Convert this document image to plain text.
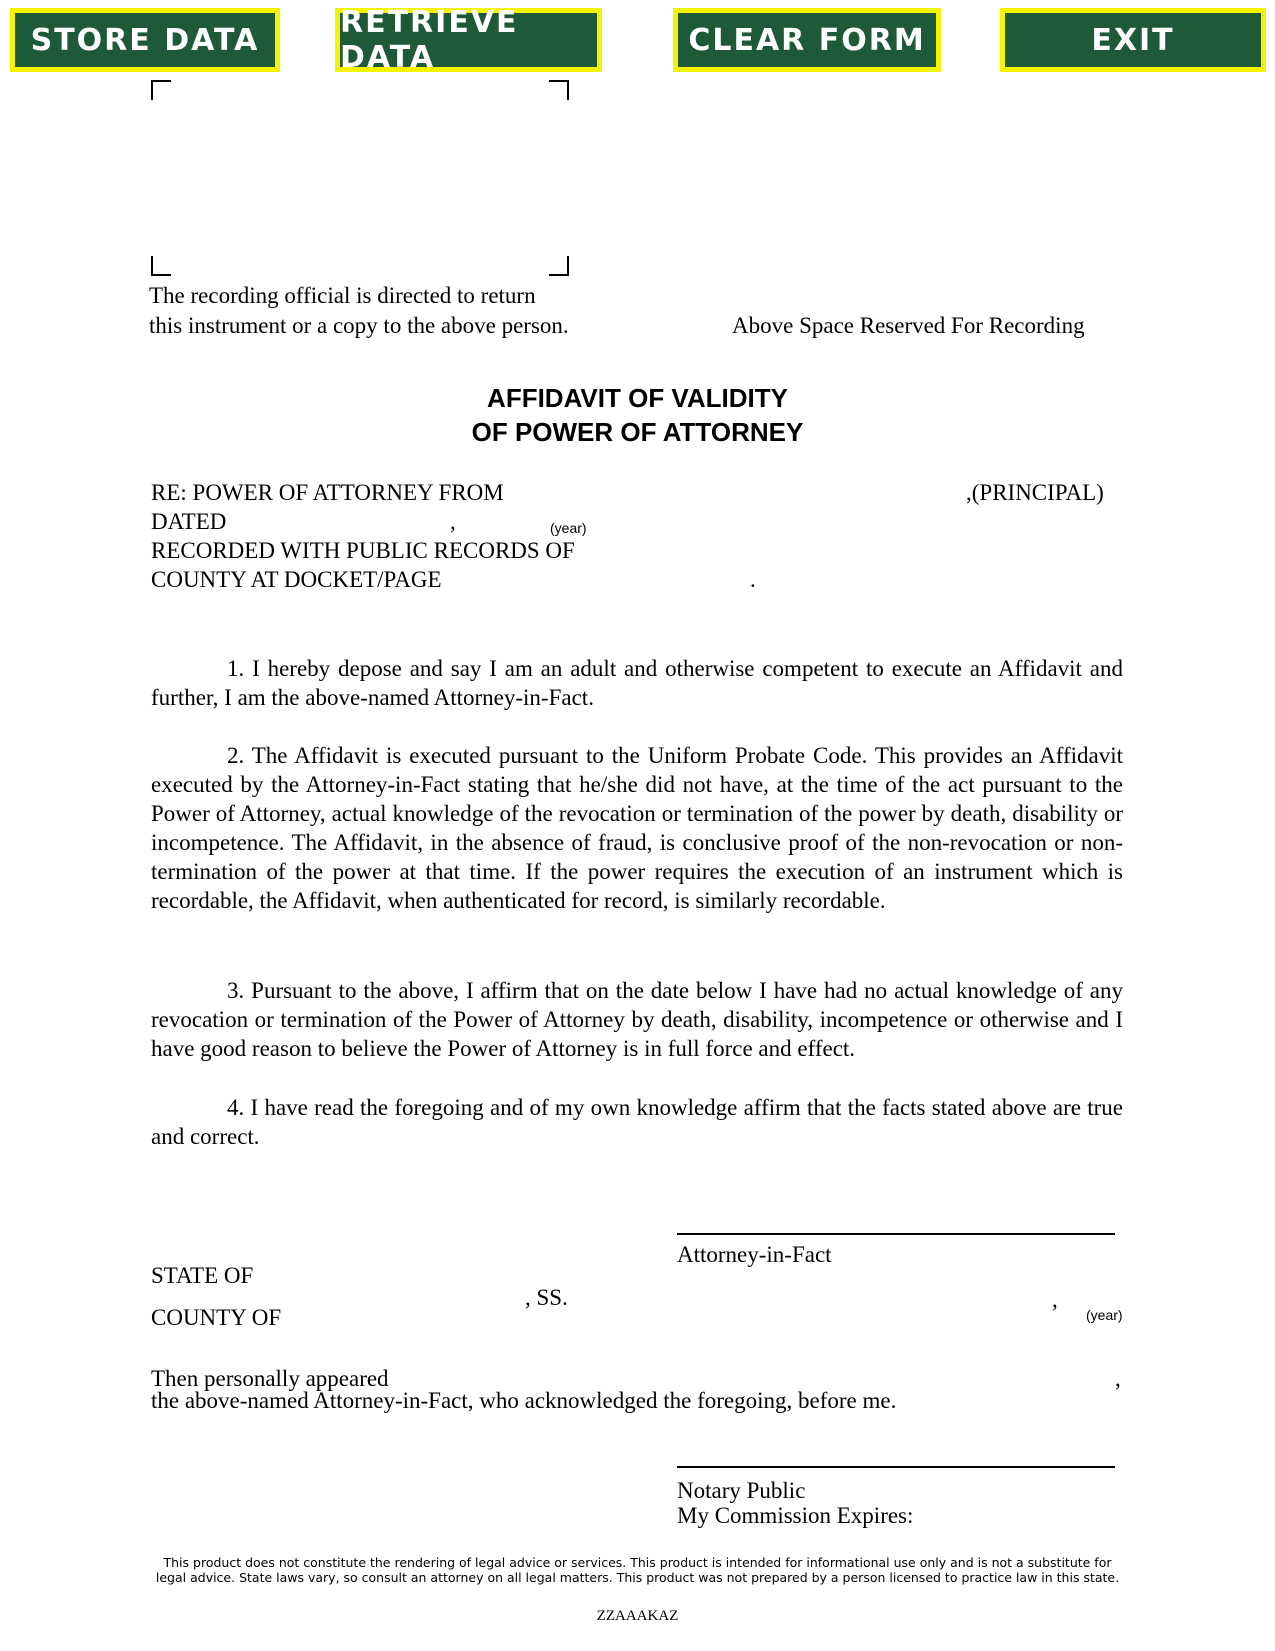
STORE DATA	RETRIEVE DATA	CLEAR FORM	EXIT
The recording official is directed to return
this instrument or a copy to the above person.	Above Space Reserved For Recording
AFFIDAVIT OF VALIDITY
OF POWER OF ATTORNEY
RE: POWER OF ATTORNEY FROM	,(PRINCIPAL)
DATED	,	(year)
RECORDED WITH PUBLIC RECORDS OF
COUNTY AT DOCKET/PAGE	.
1. I hereby depose and say I am an adult and otherwise competent to execute an Affidavit and further, I am the above-named Attorney-in-Fact.
2. The Affidavit is executed pursuant to the Uniform Probate Code. This provides an Affidavit executed by the Attorney-in-Fact stating that he/she did not have, at the time of the act pursuant to the Power of Attorney, actual knowledge of the revocation or termination of the power by death, disability or incompetence. The Affidavit, in the absence of fraud, is conclusive proof of the non-revocation or non-termination of the power at that time. If the power requires the execution of an instrument which is recordable, the Affidavit, when authenticated for record, is similarly recordable.
3. Pursuant to the above, I affirm that on the date below I have had no actual knowledge of any revocation or termination of the Power of Attorney by death, disability, incompetence or otherwise and I have good reason to believe the Power of Attorney is in full force and effect.
4. I have read the foregoing and of my own knowledge affirm that the facts stated above are true and correct.
Attorney-in-Fact
STATE OF
, SS.
COUNTY OF
,
(year)
Then personally appeared	,
the above-named Attorney-in-Fact, who acknowledged the foregoing, before me.
Notary Public
My Commission Expires:
This product does not constitute the rendering of legal advice or services. This product is intended for informational use only and is not a substitute for
legal advice. State laws vary, so consult an attorney on all legal matters. This product was not prepared by a person licensed to practice law in this state.
ZZAAAKAZ
